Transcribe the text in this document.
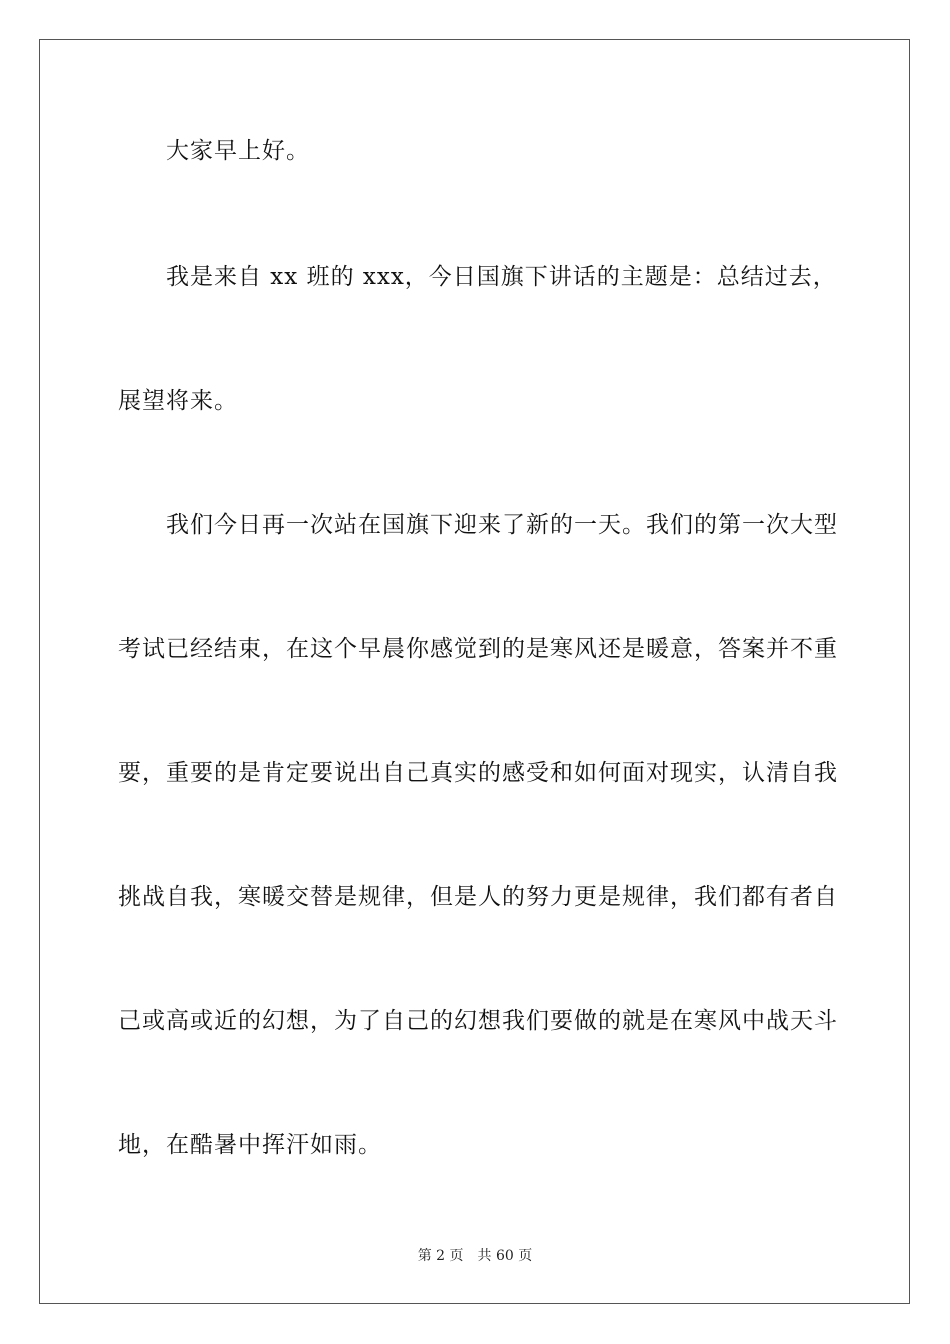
大家早上好。
我是来自 xx 班的 xxx，今日国旗下讲话的主题是：总结过去，
展望将来。
我们今日再一次站在国旗下迎来了新的一天。我们的第一次大型
考试已经结束，在这个早晨你感觉到的是寒风还是暖意，答案并不重
要，重要的是肯定要说出自己真实的感受和如何面对现实，认清自我
挑战自我，寒暖交替是规律，但是人的努力更是规律，我们都有者自
己或高或近的幻想，为了自己的幻想我们要做的就是在寒风中战天斗
地，在酷暑中挥汗如雨。
第 2 页 共 60 页
